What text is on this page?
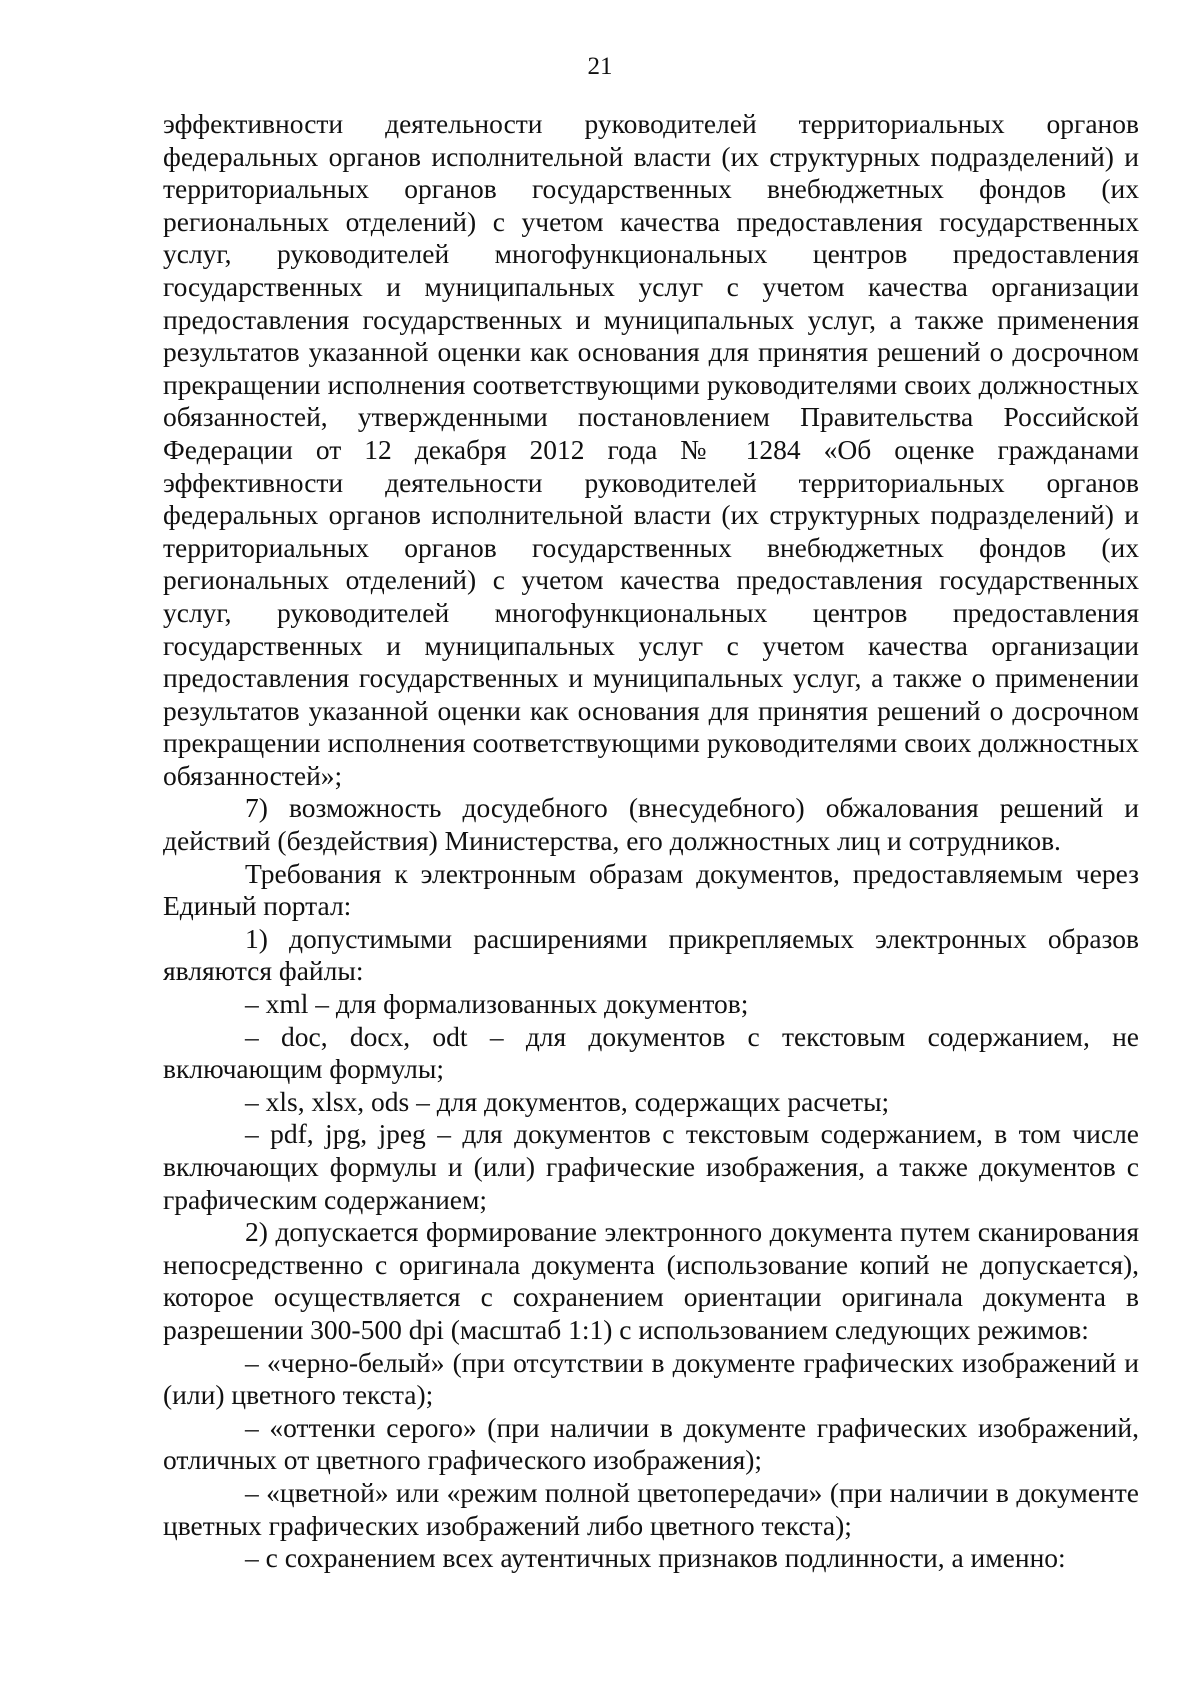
21

эффективности деятельности руководителей территориальных органов федеральных органов исполнительной власти (их структурных подразделений) и территориальных органов государственных внебюджетных фондов (их региональных отделений) с учетом качества предоставления государственных услуг, руководителей многофункциональных центров предоставления государственных и муниципальных услуг с учетом качества организации предоставления государственных и муниципальных услуг, а также применения результатов указанной оценки как основания для принятия решений о досрочном прекращении исполнения соответствующими руководителями своих должностных обязанностей, утвержденными постановлением Правительства Российской Федерации от 12 декабря 2012 года № 1284 «Об оценке гражданами эффективности деятельности руководителей территориальных органов федеральных органов исполнительной власти (их структурных подразделений) и территориальных органов государственных внебюджетных фондов (их региональных отделений) с учетом качества предоставления государственных услуг, руководителей многофункциональных центров предоставления государственных и муниципальных услуг с учетом качества организации предоставления государственных и муниципальных услуг, а также о применении результатов указанной оценки как основания для принятия решений о досрочном прекращении исполнения соответствующими руководителями своих должностных обязанностей»;

7) возможность досудебного (внесудебного) обжалования решений и действий (бездействия) Министерства, его должностных лиц и сотрудников.

Требования к электронным образам документов, предоставляемым через Единый портал:

1) допустимыми расширениями прикрепляемых электронных образов являются файлы:

– xml – для формализованных документов;

– doc, docx, odt – для документов с текстовым содержанием, не включающим формулы;

– xls, xlsx, ods – для документов, содержащих расчеты;

– pdf, jpg, jpeg – для документов с текстовым содержанием, в том числе включающих формулы и (или) графические изображения, а также документов с графическим содержанием;

2) допускается формирование электронного документа путем сканирования непосредственно с оригинала документа (использование копий не допускается), которое осуществляется с сохранением ориентации оригинала документа в разрешении 300-500 dpi (масштаб 1:1) с использованием следующих режимов:

– «черно-белый» (при отсутствии в документе графических изображений и (или) цветного текста);

– «оттенки серого» (при наличии в документе графических изображений, отличных от цветного графического изображения);

– «цветной» или «режим полной цветопередачи» (при наличии в документе цветных графических изображений либо цветного текста);

– с сохранением всех аутентичных признаков подлинности, а именно:
